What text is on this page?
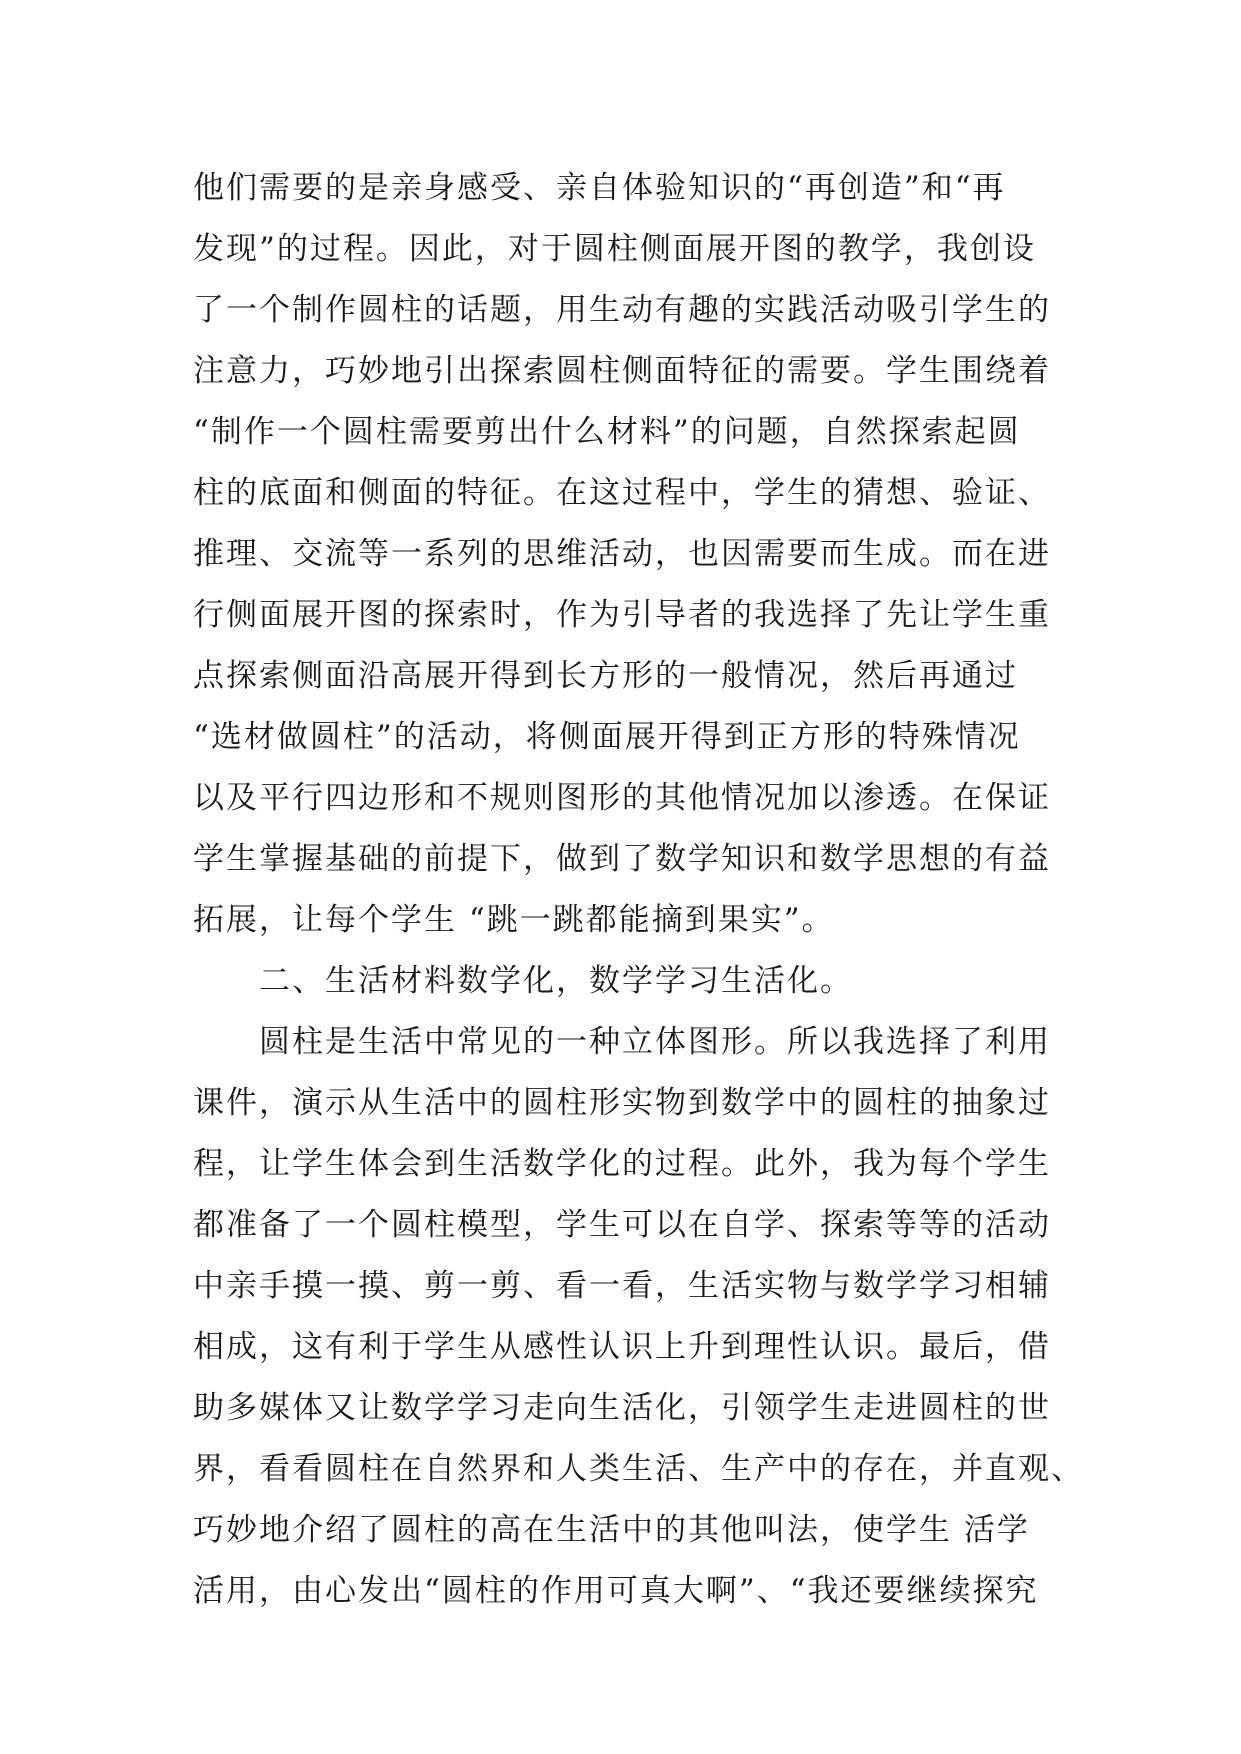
他们需要的是亲身感受、亲自体验知识的“再创造”和“再
发现”的过程。因此，对于圆柱侧面展开图的教学，我创设
了一个制作圆柱的话题，用生动有趣的实践活动吸引学生的
注意力，巧妙地引出探索圆柱侧面特征的需要。学生围绕着
“制作一个圆柱需要剪出什么材料”的问题，自然探索起圆
柱的底面和侧面的特征。在这过程中，学生的猜想、验证、
推理、交流等一系列的思维活动，也因需要而生成。而在进
行侧面展开图的探索时，作为引导者的我选择了先让学生重
点探索侧面沿高展开得到长方形的一般情况，然后再通过
“选材做圆柱”的活动，将侧面展开得到正方形的特殊情况
以及平行四边形和不规则图形的其他情况加以渗透。在保证
学生掌握基础的前提下，做到了数学知识和数学思想的有益
拓展，让每个学生 “跳一跳都能摘到果实”。
二、生活材料数学化，数学学习生活化。
圆柱是生活中常见的一种立体图形。所以我选择了利用
课件，演示从生活中的圆柱形实物到数学中的圆柱的抽象过
程，让学生体会到生活数学化的过程。此外，我为每个学生
都准备了一个圆柱模型，学生可以在自学、探索等等的活动
中亲手摸一摸、剪一剪、看一看，生活实物与数学学习相辅
相成，这有利于学生从感性认识上升到理性认识。最后，借
助多媒体又让数学学习走向生活化，引领学生走进圆柱的世
界，看看圆柱在自然界和人类生活、生产中的存在，并直观、
巧妙地介绍了圆柱的高在生活中的其他叫法，使学生 活学
活用，由心发出“圆柱的作用可真大啊”、“我还要继续探究
